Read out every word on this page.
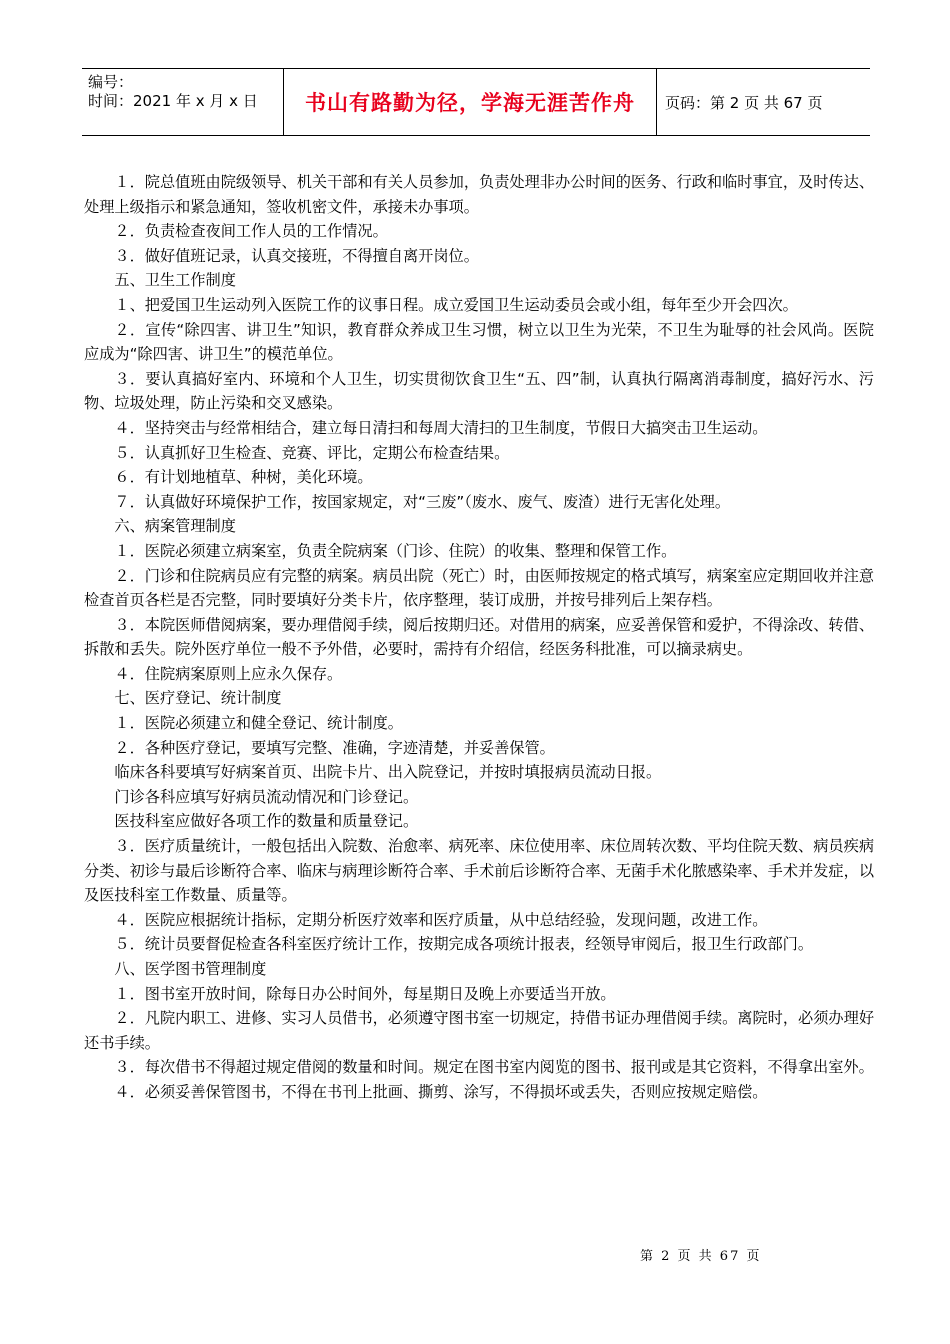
编号：
时间：2021 年 x 月 x 日	书山有路勤为径，学海无涯苦作舟	页码：第 2 页 共 67 页

１．院总值班由院级领导、机关干部和有关人员参加，负责处理非办公时间的医务、行政和临时事宜，及时传达、处理上级指示和紧急通知，签收机密文件，承接未办事项。

２．负责检查夜间工作人员的工作情况。

３．做好值班记录，认真交接班，不得擅自离开岗位。

五、卫生工作制度

１、把爱国卫生运动列入医院工作的议事日程。成立爱国卫生运动委员会或小组，每年至少开会四次。

２．宣传“除四害、讲卫生”知识，教育群众养成卫生习惯，树立以卫生为光荣，不卫生为耻辱的社会风尚。医院应成为“除四害、讲卫生”的模范单位。

３．要认真搞好室内、环境和个人卫生，切实贯彻饮食卫生“五、四”制，认真执行隔离消毒制度，搞好污水、污物、垃圾处理，防止污染和交叉感染。

４．坚持突击与经常相结合，建立每日清扫和每周大清扫的卫生制度，节假日大搞突击卫生运动。

５．认真抓好卫生检查、竞赛、评比，定期公布检查结果。

６．有计划地植草、种树，美化环境。

７．认真做好环境保护工作，按国家规定，对“三废”（废水、废气、废渣）进行无害化处理。

六、病案管理制度

１．医院必须建立病案室，负责全院病案（门诊、住院）的收集、整理和保管工作。

２．门诊和住院病员应有完整的病案。病员出院（死亡）时，由医师按规定的格式填写，病案室应定期回收并注意检查首页各栏是否完整，同时要填好分类卡片，依序整理，装订成册，并按号排列后上架存档。

３．本院医师借阅病案，要办理借阅手续，阅后按期归还。对借用的病案，应妥善保管和爱护，不得涂改、转借、拆散和丢失。院外医疗单位一般不予外借，必要时，需持有介绍信，经医务科批准，可以摘录病史。

４．住院病案原则上应永久保存。

七、医疗登记、统计制度

１．医院必须建立和健全登记、统计制度。

２．各种医疗登记，要填写完整、准确，字迹清楚，并妥善保管。

临床各科要填写好病案首页、出院卡片、出入院登记，并按时填报病员流动日报。

门诊各科应填写好病员流动情况和门诊登记。

医技科室应做好各项工作的数量和质量登记。

３．医疗质量统计，一般包括出入院数、治愈率、病死率、床位使用率、床位周转次数、平均住院天数、病员疾病分类、初诊与最后诊断符合率、临床与病理诊断符合率、手术前后诊断符合率、无菌手术化脓感染率、手术并发症，以及医技科室工作数量、质量等。

４．医院应根据统计指标，定期分析医疗效率和医疗质量，从中总结经验，发现问题，改进工作。

５．统计员要督促检查各科室医疗统计工作，按期完成各项统计报表，经领导审阅后，报卫生行政部门。

八、医学图书管理制度

１．图书室开放时间，除每日办公时间外，每星期日及晚上亦要适当开放。

２．凡院内职工、进修、实习人员借书，必须遵守图书室一切规定，持借书证办理借阅手续。离院时，必须办理好还书手续。

３．每次借书不得超过规定借阅的数量和时间。规定在图书室内阅览的图书、报刊或是其它资料，不得拿出室外。

４．必须妥善保管图书，不得在书刊上批画、撕剪、涂写，不得损坏或丢失，否则应按规定赔偿。

第 2 页 共 67 页
